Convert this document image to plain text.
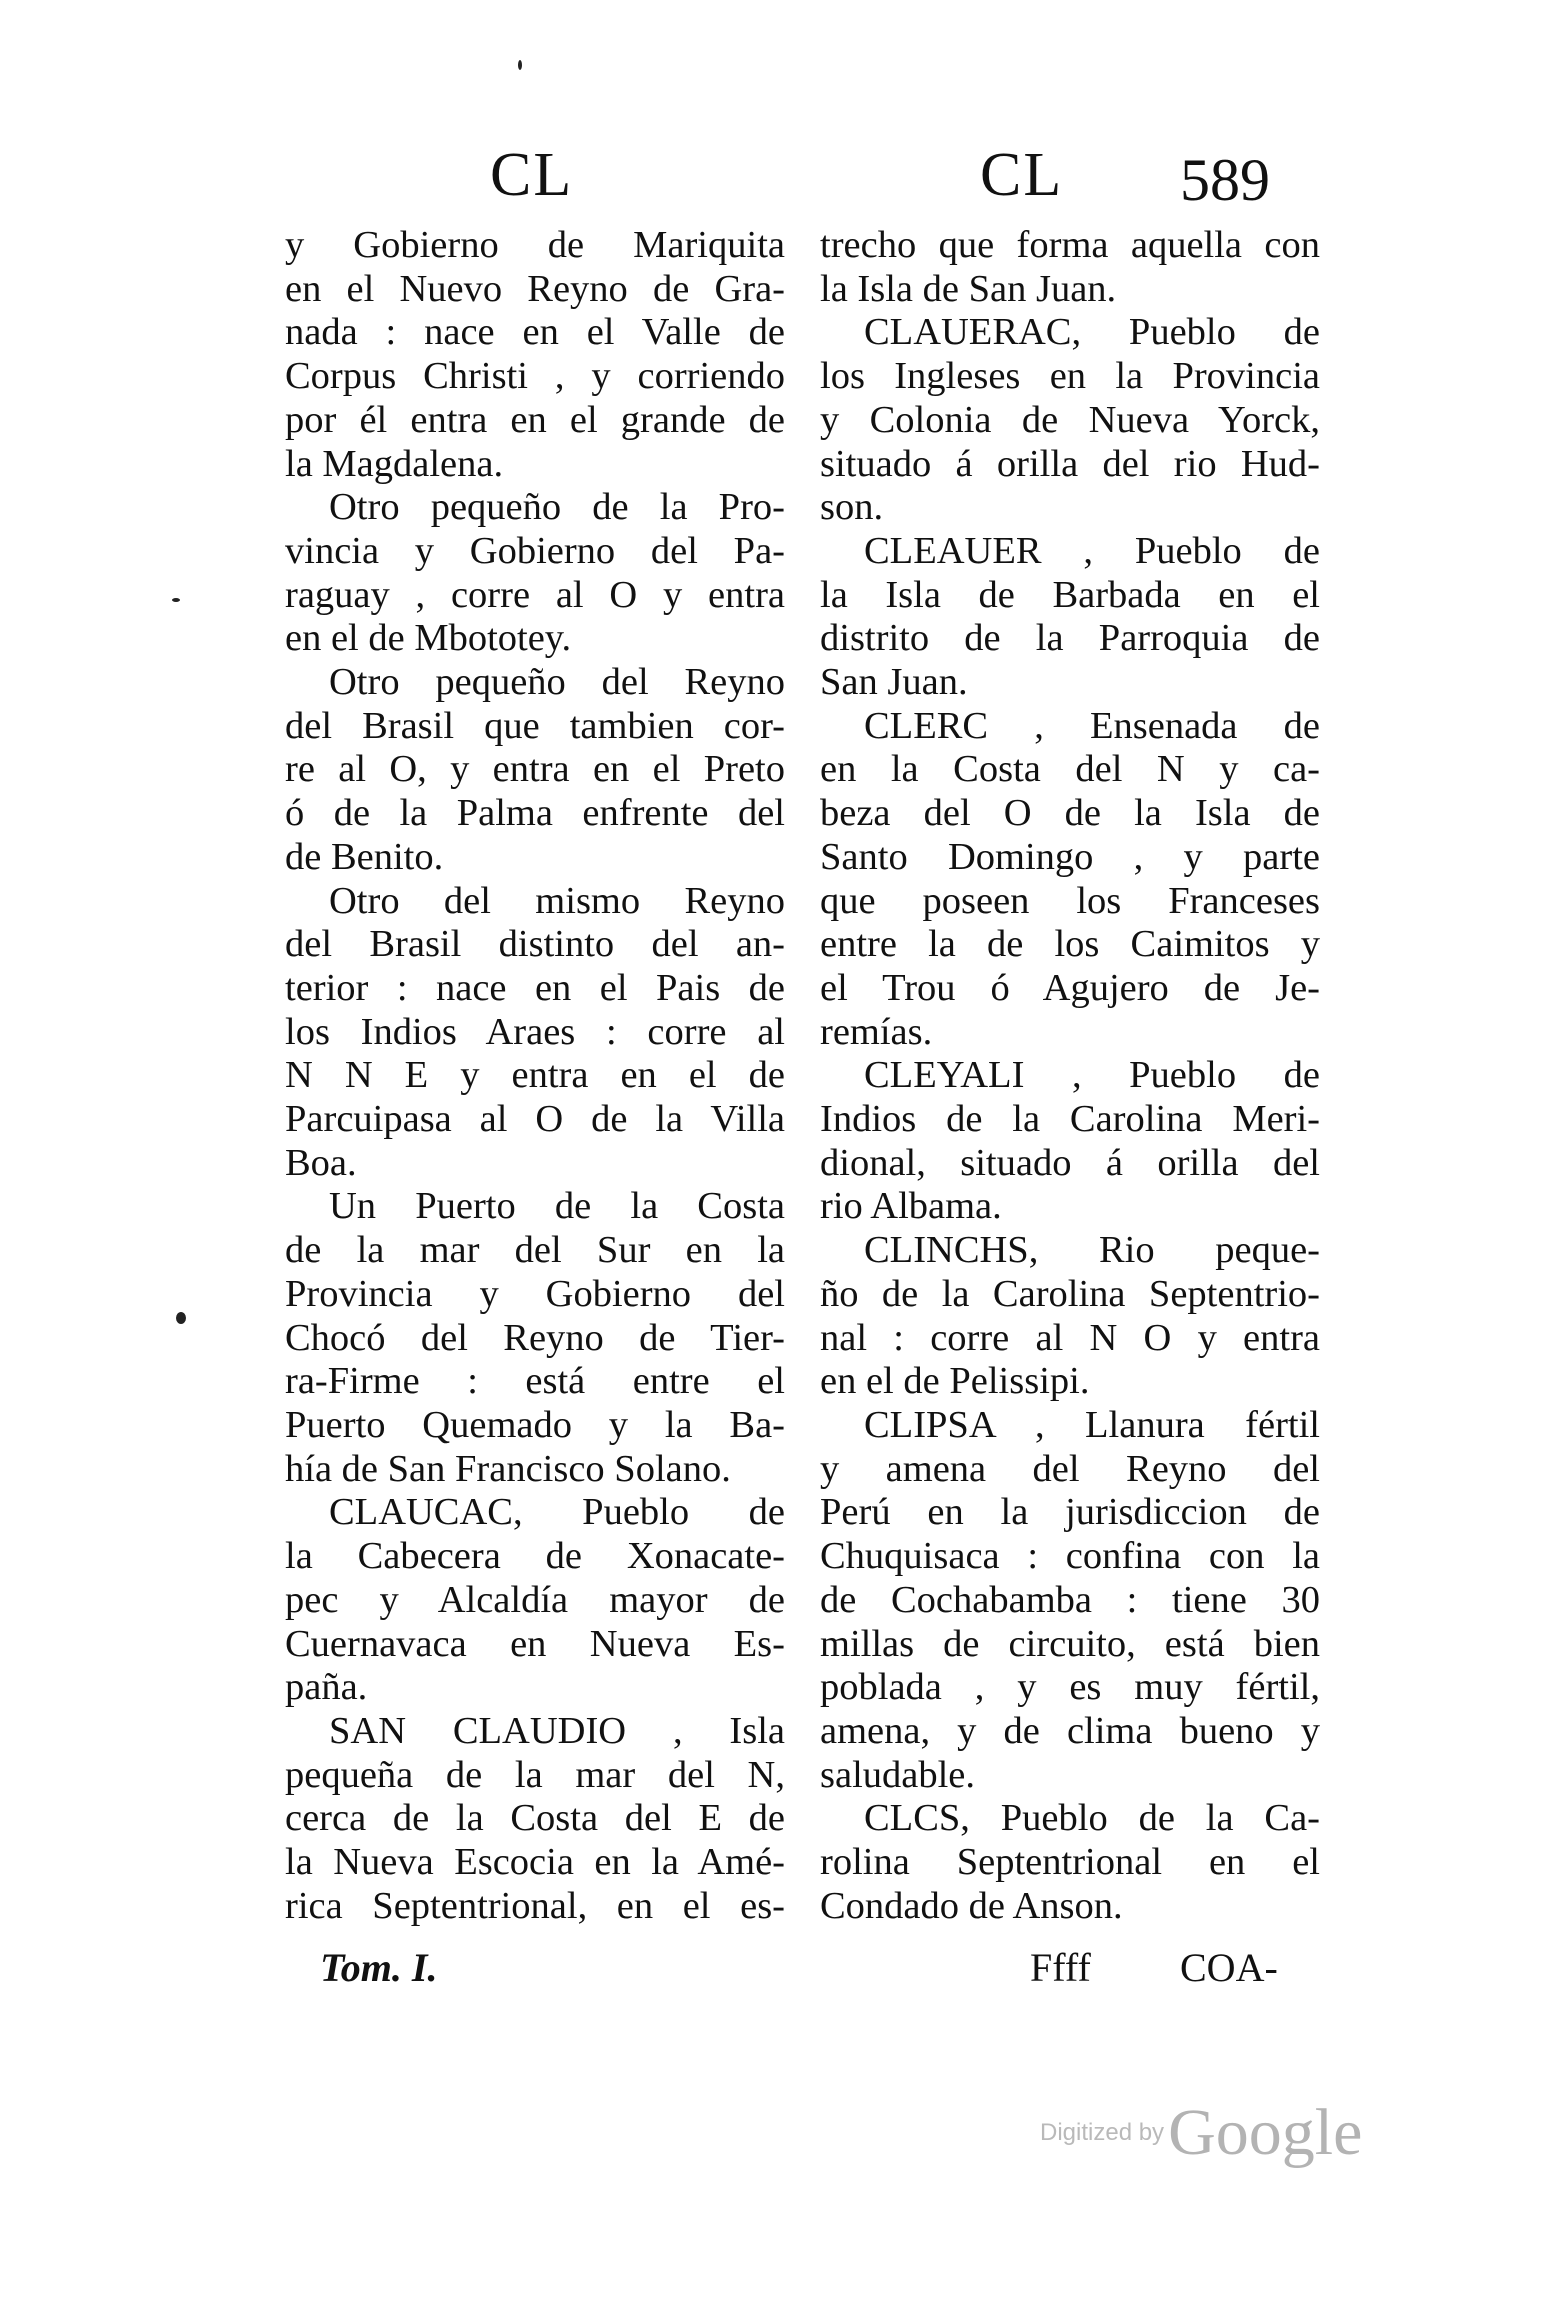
CL	CL 589
y Gobierno de Mariquita
en el Nuevo Reyno de Gra-
nada : nace en el Valle de
Corpus Christi , y corriendo
por él entra en el grande de
la Magdalena.
Otro pequeño de la Pro-
vincia y Gobierno del Pa-
raguay , corre al O y entra
en el de Mbototey.
Otro pequeño del Reyno
del Brasil que tambien cor-
re al O, y entra en el Preto
ó de la Palma enfrente del
de Benito.
Otro del mismo Reyno
del Brasil distinto del an-
terior : nace en el Pais de
los Indios Araes : corre al
N N E y entra en el de
Parcuipasa al O de la Villa
Boa.
Un Puerto de la Costa
de la mar del Sur en la
Provincia y Gobierno del
Chocó del Reyno de Tier-
ra-Firme : está entre el
Puerto Quemado y la Ba-
hía de San Francisco Solano.
CLAUCAC, Pueblo de
la Cabecera de Xonacate-
pec y Alcaldía mayor de
Cuernavaca en Nueva Es-
paña.
SAN CLAUDIO , Isla
pequeña de la mar del N,
cerca de la Costa del E de
la Nueva Escocia en la Amé-
rica Septentrional, en el es-
trecho que forma aquella con
la Isla de San Juan.
CLAUERAC, Pueblo de
los Ingleses en la Provincia
y Colonia de Nueva Yorck,
situado á orilla del rio Hud-
son.
CLEAUER , Pueblo de
la Isla de Barbada en el
distrito de la Parroquia de
San Juan.
CLERC , Ensenada de
en la Costa del N y ca-
beza del O de la Isla de
Santo Domingo , y parte
que poseen los Franceses
entre la de los Caimitos y
el Trou ó Agujero de Je-
remías.
CLEYALI , Pueblo de
Indios de la Carolina Meri-
dional, situado á orilla del
rio Albama.
CLINCHS, Rio peque-
ño de la Carolina Septentrio-
nal : corre al N O y entra
en el de Pelissipi.
CLIPSA , Llanura fértil
y amena del Reyno del
Perú en la jurisdiccion de
Chuquisaca : confina con la
de Cochabamba : tiene 30
millas de circuito, está bien
poblada , y es muy fértil,
amena, y de clima bueno y
saludable.
CLCS, Pueblo de la Ca-
rolina Septentrional en el
Condado de Anson.
Tom. I.	Ffff COA-
Digitized by Google
